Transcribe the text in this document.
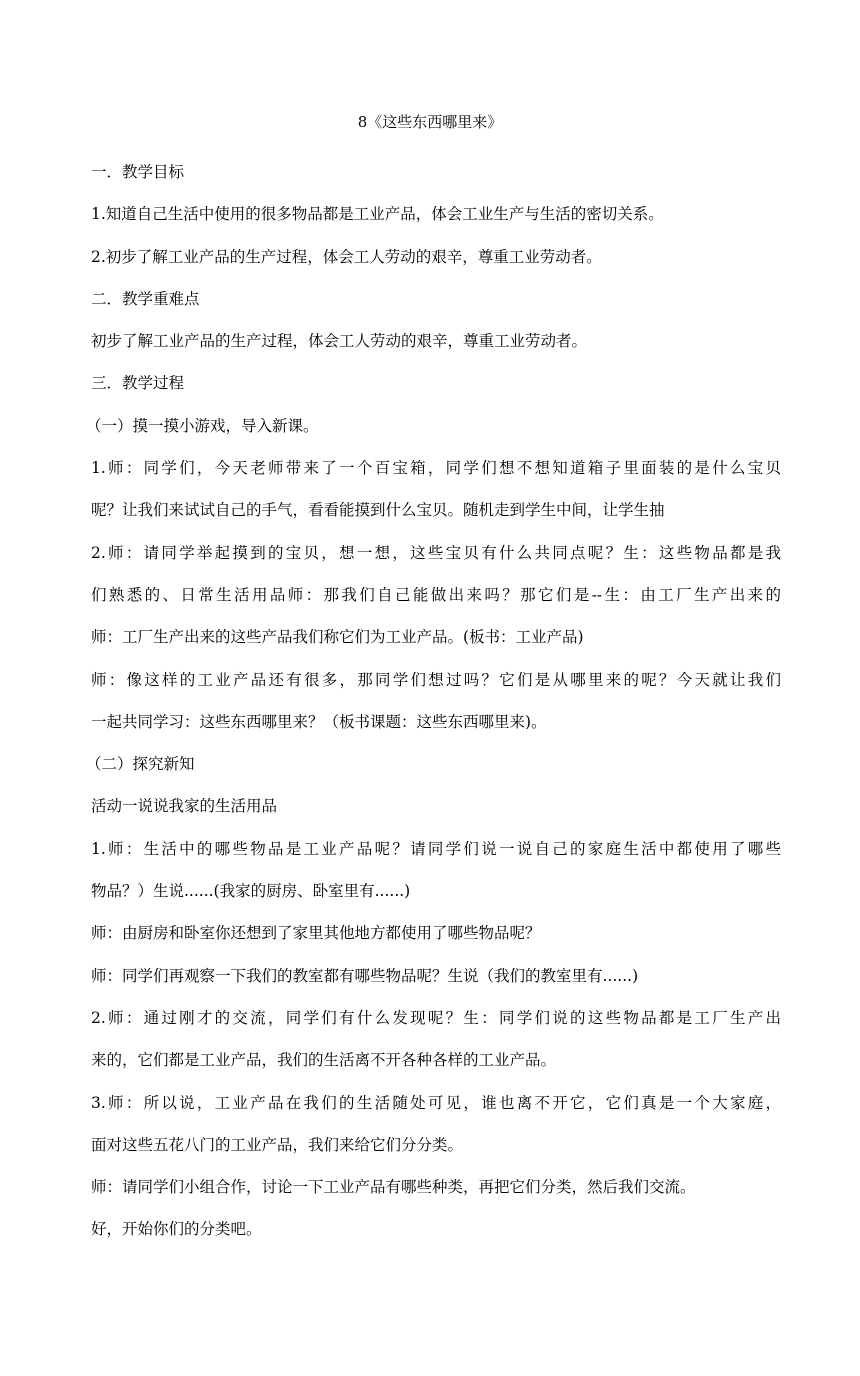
8《这些东西哪里来》

一．教学目标

1.知道自己生活中使用的很多物品都是工业产品，体会工业生产与生活的密切关系。

2.初步了解工业产品的生产过程，体会工人劳动的艰辛，尊重工业劳动者。

二．教学重难点

初步了解工业产品的生产过程，体会工人劳动的艰辛，尊重工业劳动者。

三．教学过程

（一）摸一摸小游戏，导入新课。

1.师：同学们，今天老师带来了一个百宝箱，同学们想不想知道箱子里面装的是什么宝贝

呢？让我们来试试自己的手气，看看能摸到什么宝贝。随机走到学生中间，让学生抽

2.师：请同学举起摸到的宝贝，想一想，这些宝贝有什么共同点呢？生：这些物品都是我

们熟悉的、日常生活用品师：那我们自己能做出来吗？那它们是--生：由工厂生产出来的

师：工厂生产出来的这些产品我们称它们为工业产品。(板书：工业产品)

师：像这样的工业产品还有很多，那同学们想过吗？它们是从哪里来的呢？今天就让我们

一起共同学习：这些东西哪里来？（板书课题：这些东西哪里来)。

（二）探究新知

活动一说说我家的生活用品

1.师：生活中的哪些物品是工业产品呢？请同学们说一说自己的家庭生活中都使用了哪些

物品？）生说......(我家的厨房、卧室里有......)

师：由厨房和卧室你还想到了家里其他地方都使用了哪些物品呢？

师：同学们再观察一下我们的教室都有哪些物品呢？生说（我们的教室里有......)

2.师：通过刚才的交流，同学们有什么发现呢？生：同学们说的这些物品都是工厂生产出

来的，它们都是工业产品，我们的生活离不开各种各样的工业产品。

3.师：所以说，工业产品在我们的生活随处可见，谁也离不开它，它们真是一个大家庭，

面对这些五花八门的工业产品，我们来给它们分分类。

师：请同学们小组合作，讨论一下工业产品有哪些种类，再把它们分类，然后我们交流。

好，开始你们的分类吧。
